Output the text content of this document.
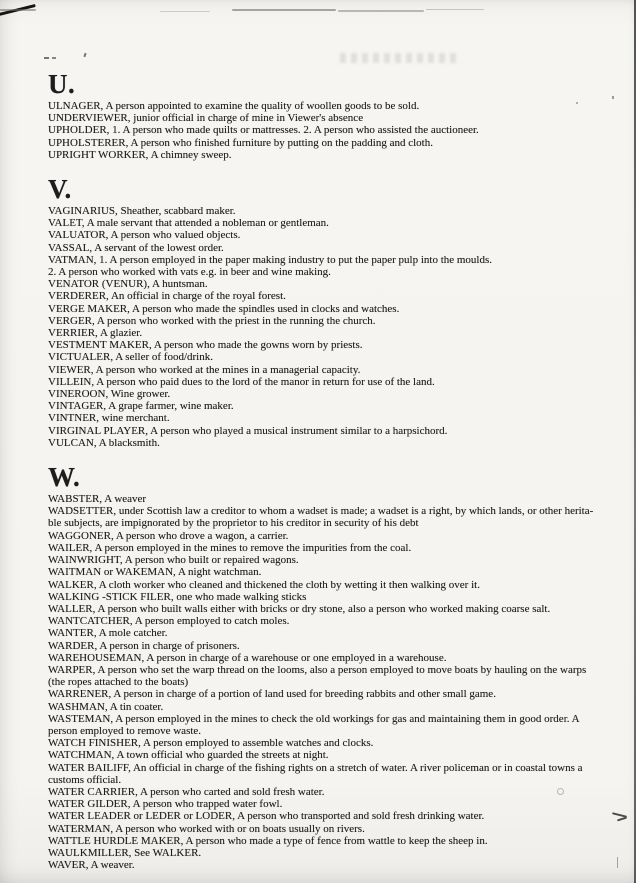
U.
ULNAGER, A person appointed to examine the quality of woollen goods to be sold.
UNDERVIEWER, junior official in charge of mine in Viewer's absence
UPHOLDER, 1. A person who made quilts or mattresses. 2. A person who assisted the auctioneer.
UPHOLSTERER, A person who finished furniture by putting on the padding and cloth.
UPRIGHT WORKER, A chimney sweep.
V.
VAGINARIUS, Sheather, scabbard maker.
VALET, A male servant that attended a nobleman or gentleman.
VALUATOR, A person who valued objects.
VASSAL, A servant of the lowest order.
VATMAN, 1. A person employed in the paper making industry to put the paper pulp into the moulds.
2. A person who worked with vats e.g. in beer and wine making.
VENATOR (VENUR), A huntsman.
VERDERER, An official in charge of the royal forest.
VERGE MAKER, A person who made the spindles used in clocks and watches.
VERGER, A person who worked with the priest in the running the church.
VERRIER, A glazier.
VESTMENT MAKER, A person who made the gowns worn by priests.
VICTUALER, A seller of food/drink.
VIEWER, A person who worked at the mines in a managerial capacity.
VILLEIN, A person who paid dues to the lord of the manor in return for use of the land.
VINEROON, Wine grower.
VINTAGER, A grape farmer, wine maker.
VINTNER, wine merchant.
VIRGINAL PLAYER, A person who played a musical instrument similar to a harpsichord.
VULCAN, A blacksmith.
W.
WABSTER, A weaver
WADSETTER, under Scottish law a creditor to whom a wadset is made; a wadset is a right, by which lands, or other herita-
ble subjects, are impignorated by the proprietor to his creditor in security of his debt
WAGGONER, A person who drove a wagon, a carrier.
WAILER, A person employed in the mines to remove the impurities from the coal.
WAINWRIGHT, A person who built or repaired wagons.
WAITMAN or WAKEMAN, A night watchman.
WALKER, A cloth worker who cleaned and thickened the cloth by wetting it then walking over it.
WALKING -STICK FILER, one who made walking sticks
WALLER, A person who built walls either with bricks or dry stone, also a person who worked making coarse salt.
WANTCATCHER, A person employed to catch moles.
WANTER, A mole catcher.
WARDER, A person in charge of prisoners.
WAREHOUSEMAN, A person in charge of a warehouse or one employed in a warehouse.
WARPER, A person who set the warp thread on the looms, also a person employed to move boats by hauling on the warps
(the ropes attached to the boats)
WARRENER, A person in charge of a portion of land used for breeding rabbits and other small game.
WASHMAN, A tin coater.
WASTEMAN, A person employed in the mines to check the old workings for gas and maintaining them in good order. A
person employed to remove waste.
WATCH FINISHER, A person employed to assemble watches and clocks.
WATCHMAN, A town official who guarded the streets at night.
WATER BAILIFF, An official in charge of the fishing rights on a stretch of water. A river policeman or in coastal towns a
customs official.
WATER CARRIER, A person who carted and sold fresh water.
WATER GILDER, A person who trapped water fowl.
WATER LEADER or LEDER or LODER, A person who transported and sold fresh drinking water.
WATERMAN, A person who worked with or on boats usually on rivers.
WATTLE HURDLE MAKER, A person who made a type of fence from wattle to keep the sheep in.
WAULKMILLER, See WALKER.
WAVER, A weaver.
